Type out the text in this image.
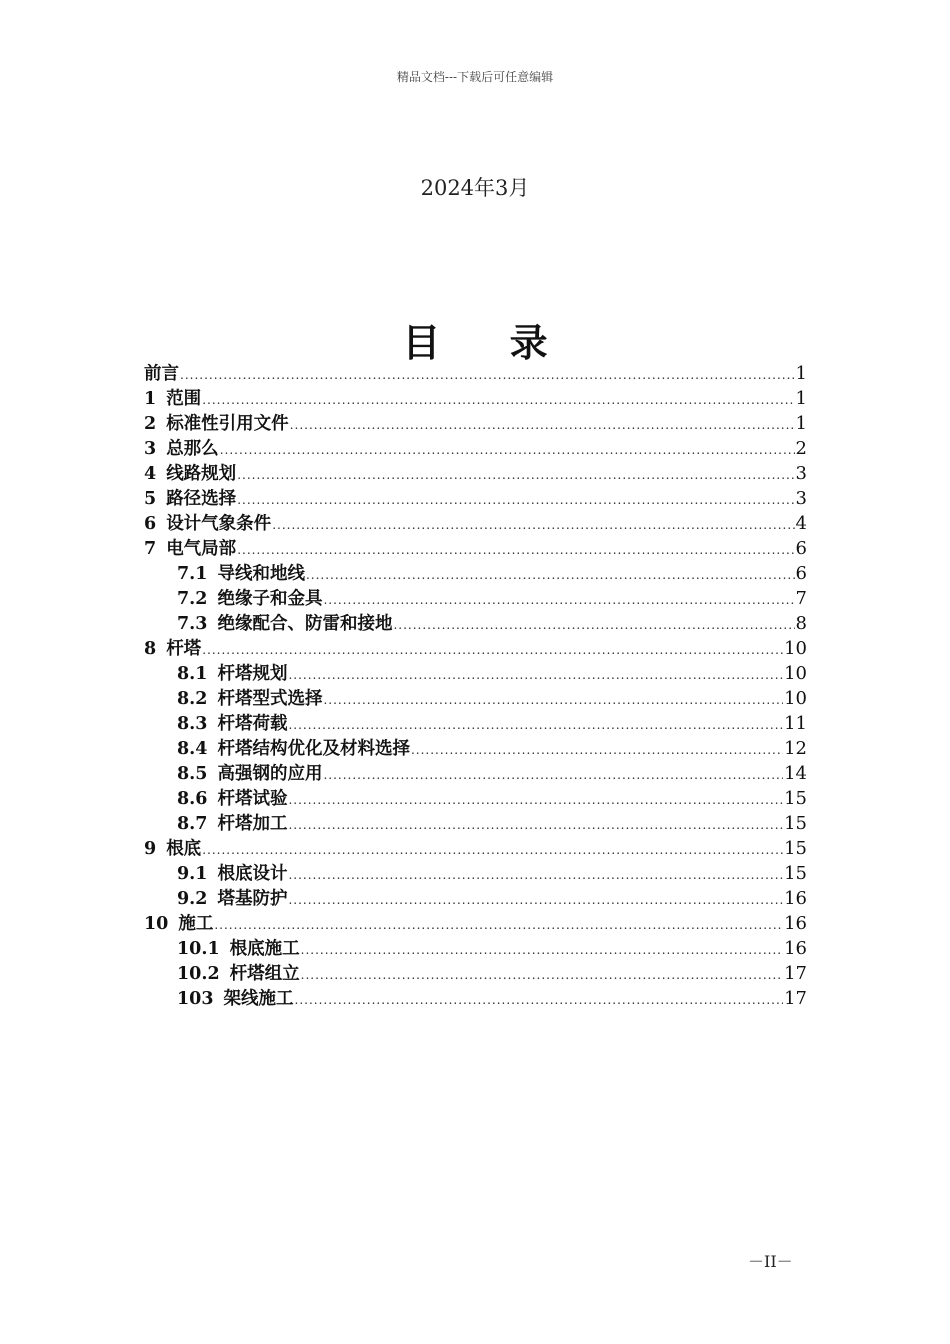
精品文档---下载后可任意编辑
2024年3月
目 录
前言 .....	1
1 范围 .....	1
2 标准性引用文件 .....	1
3 总那么 .....	2
4 线路规划 .....	3
5 路径选择 .....	3
6 设计气象条件 .....	4
7 电气局部 .....	6
7.1 导线和地线 .....	6
7.2 绝缘子和金具 .....	7
7.3 绝缘配合、防雷和接地 .....	8
8 杆塔 .....	10
8.1 杆塔规划 .....	10
8.2 杆塔型式选择 .....	10
8.3 杆塔荷载 .....	11
8.4 杆塔结构优化及材料选择 .....	12
8.5 高强钢的应用 .....	14
8.6 杆塔试验 .....	15
8.7 杆塔加工 .....	15
9 根底 .....	15
9.1 根底设计 .....	15
9.2 塔基防护 .....	16
10 施工 .....	16
10.1 根底施工 .....	16
10.2 杆塔组立 .....	17
103 架线施工 .....	17
－II－
